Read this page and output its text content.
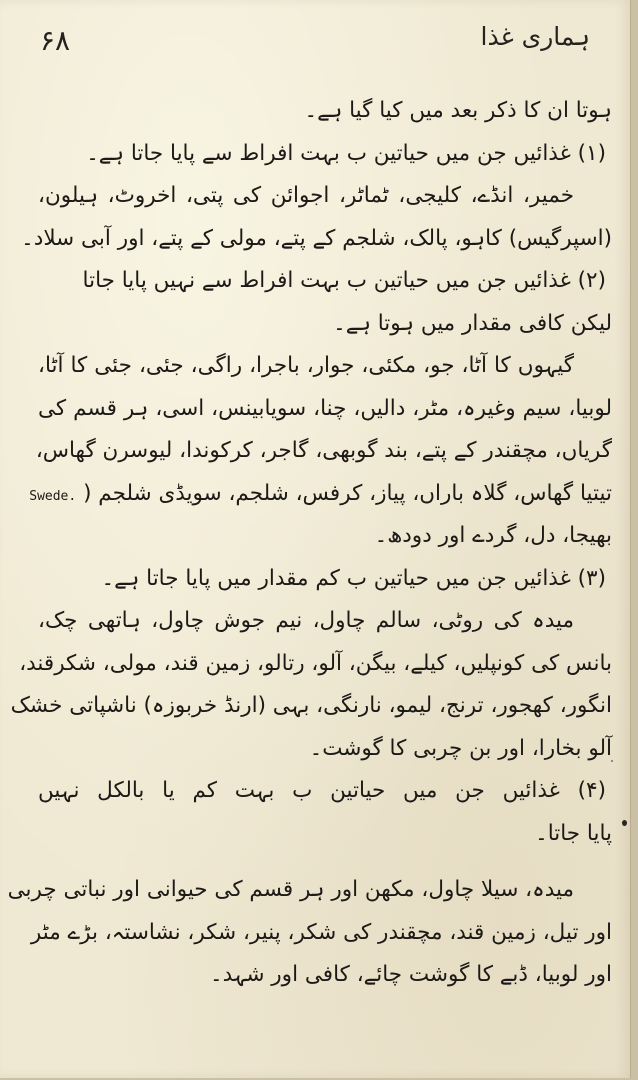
۶۸	ہماری غذا
ہوتا ان کا ذکر بعد میں کیا گیا ہے۔
(۱) غذائیں جن میں حیاتین ب بہت افراط سے پایا جاتا ہے۔
خمیر، انڈے، کلیجی، ٹماٹر، اجوائن کی پتی، اخروٹ، ہیلون،
(اسپرگیس) کاہو، پالک، شلجم کے پتے، مولی کے پتے، اور آبی سلاد۔
(۲) غذائیں جن میں حیاتین ب بہت افراط سے نہیں پایا جاتا
لیکن کافی مقدار میں ہوتا ہے۔
گیہوں کا آٹا، جو، مکئی، جوار، باجرا، راگی، جئی، جئی کا آٹا،
لوبیا، سیم وغیرہ، مٹر، دالیں، چنا، سویابینس، اسی، ہر قسم کی
گریاں، مچقندر کے پتے، بند گوبھی، گاجر، کرکوندا، لیوسرن گھاس،
تیتیا گھاس، گلاہ باراں، پیاز، کرفس، شلجم، سویڈی شلجم ( Swede.
بھیجا، دل، گردے اور دودھ۔
(۳) غذائیں جن میں حیاتین ب کم مقدار میں پایا جاتا ہے۔
میدہ کی روٹی، سالم چاول، نیم جوش چاول، ہاتھی چک،
بانس کی کونپلیں، کیلے، بیگن، آلو، رتالو، زمین قند، مولی، شکرقند،
انگور، کھجور، ترنج، لیمو، نارنگی، بہی (ارنڈ خربوزہ) ناشپاتی خشک
آلو بخارا، اور بن چربی کا گوشت۔
(۴) غذائیں جن میں حیاتین ب بہت کم یا بالکل نہیں
پایا جاتا۔
میدہ، سیلا چاول، مکھن اور ہر قسم کی حیوانی اور نباتی چربی
اور تیل، زمین قند، مچقندر کی شکر، پنیر، شکر، نشاستہ، بڑے مٹر
اور لوبیا، ڈبے کا گوشت چائے، کافی اور شہد۔
